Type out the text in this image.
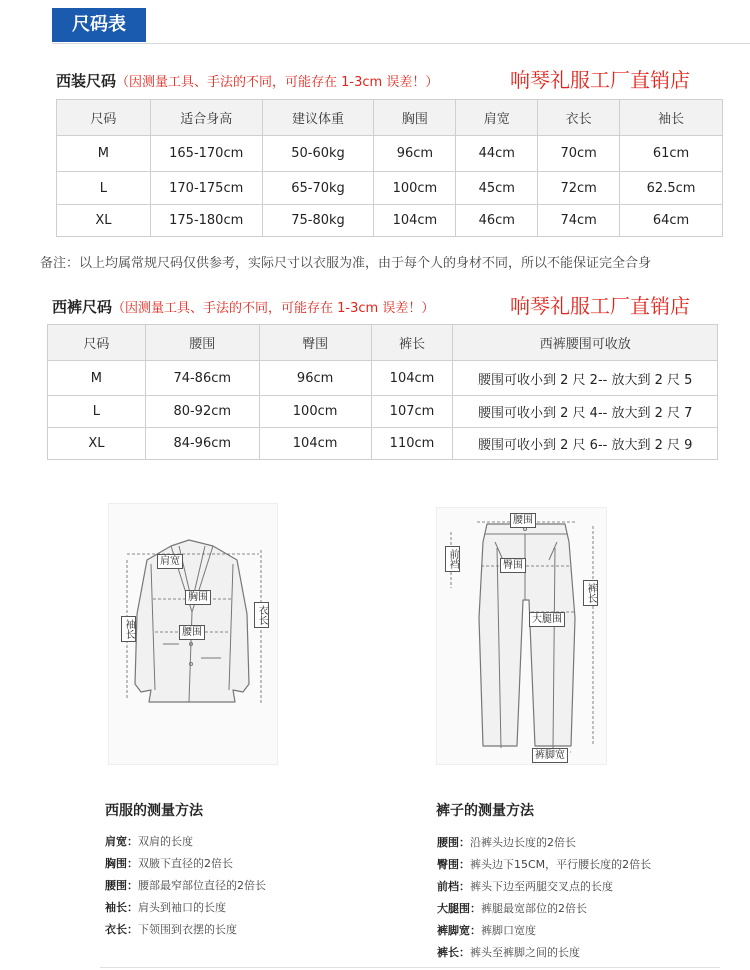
尺码表
西装尺码（因测量工具、手法的不同，可能存在 1-3cm 误差！）	响琴礼服工厂直销店
尺码	适合身高	建议体重	胸围	肩宽	衣长	袖长
M	165-170cm	50-60kg	96cm	44cm	70cm	61cm
L	170-175cm	65-70kg	100cm	45cm	72cm	62.5cm
XL	175-180cm	75-80kg	104cm	46cm	74cm	64cm
备注：以上均属常规尺码仅供参考，实际尺寸以衣服为准，由于每个人的身材不同，所以不能保证完全合身
西裤尺码（因测量工具、手法的不同，可能存在 1-3cm 误差！）	响琴礼服工厂直销店
尺码	腰围	臀围	裤长	西裤腰围可收放
M	74-86cm	96cm	104cm	腰围可收小到 2 尺 2-- 放大到 2 尺 5
L	80-92cm	100cm	107cm	腰围可收小到 2 尺 4-- 放大到 2 尺 7
XL	84-96cm	104cm	110cm	腰围可收小到 2 尺 6-- 放大到 2 尺 9
肩宽
胸围
腰围
袖长
衣长
腰围
臀围
前裆
大腿围
裤长
裤脚宽
西服的测量方法
肩宽：双肩的长度
胸围：双腋下直径的2倍长
腰围：腰部最窄部位直径的2倍长
袖长：肩头到袖口的长度
衣长：下领围到衣摆的长度
裤子的测量方法
腰围：沿裤头边长度的2倍长
臀围：裤头边下15CM，平行腰长度的2倍长
前档：裤头下边至两腿交叉点的长度
大腿围：裤腿最宽部位的2倍长
裤脚宽：裤脚口宽度
裤长：裤头至裤脚之间的长度
